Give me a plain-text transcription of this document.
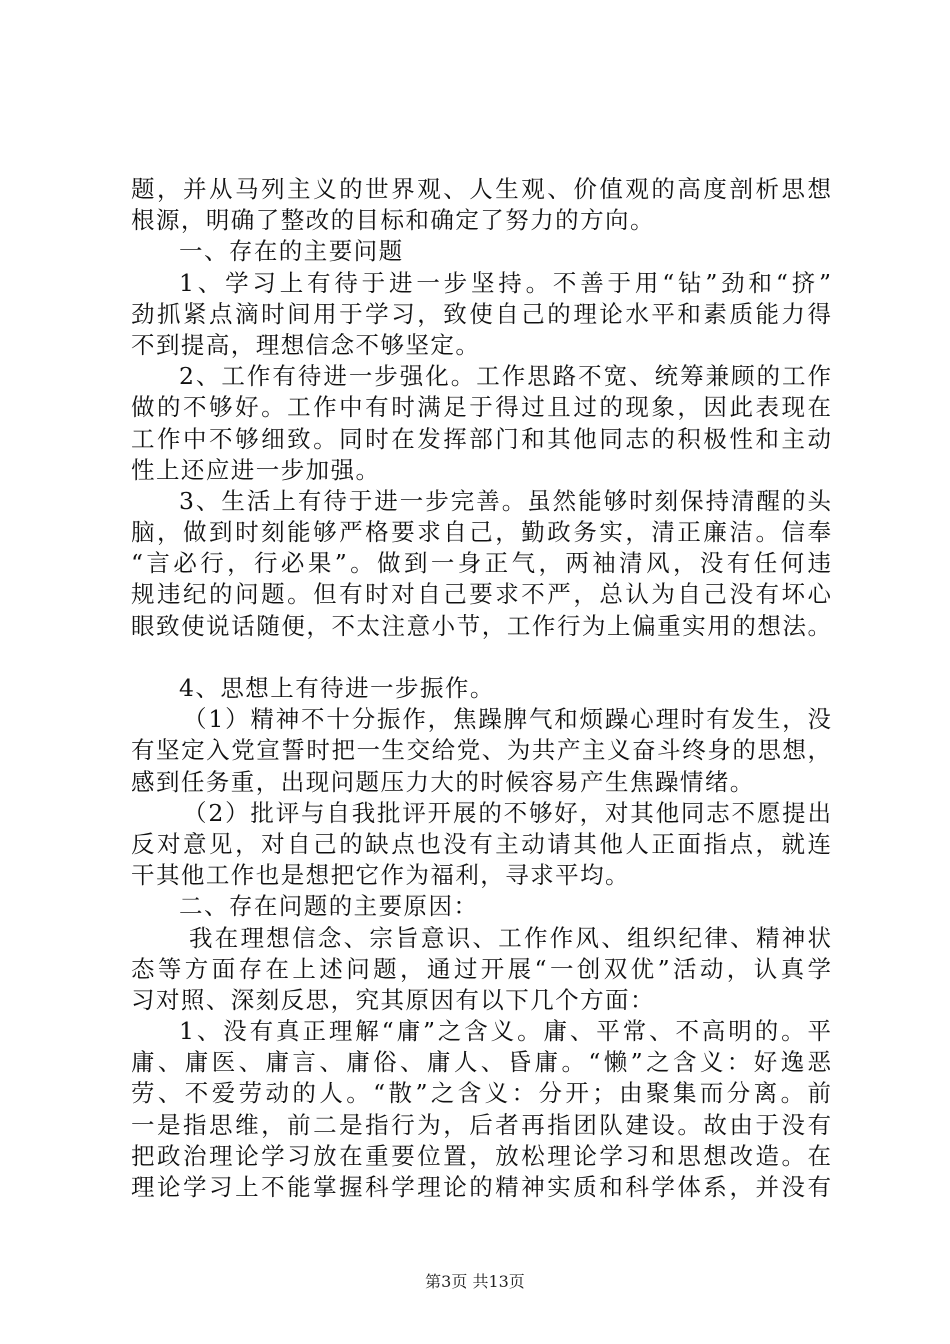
题，并从马列主义的世界观、人生观、价值观的高度剖析思想
根源，明确了整改的目标和确定了努力的方向。
一、存在的主要问题
1、学习上有待于进一步坚持。不善于用“钻”劲和“挤”
劲抓紧点滴时间用于学习，致使自己的理论水平和素质能力得
不到提高，理想信念不够坚定。
2、工作有待进一步强化。工作思路不宽、统筹兼顾的工作
做的不够好。工作中有时满足于得过且过的现象，因此表现在
工作中不够细致。同时在发挥部门和其他同志的积极性和主动
性上还应进一步加强。
3、生活上有待于进一步完善。虽然能够时刻保持清醒的头
脑，做到时刻能够严格要求自己，勤政务实，清正廉洁。信奉
“言必行，行必果”。做到一身正气，两袖清风，没有任何违
规违纪的问题。但有时对自己要求不严，总认为自己没有坏心
眼致使说话随便，不太注意小节，工作行为上偏重实用的想法。
4、思想上有待进一步振作。
（1）精神不十分振作，焦躁脾气和烦躁心理时有发生，没
有坚定入党宣誓时把一生交给党、为共产主义奋斗终身的思想，
感到任务重，出现问题压力大的时候容易产生焦躁情绪。
（2）批评与自我批评开展的不够好，对其他同志不愿提出
反对意见，对自己的缺点也没有主动请其他人正面指点，就连
干其他工作也是想把它作为福利，寻求平均。
二、存在问题的主要原因：
我在理想信念、宗旨意识、工作作风、组织纪律、精神状
态等方面存在上述问题，通过开展“一创双优”活动，认真学
习对照、深刻反思，究其原因有以下几个方面：
1、没有真正理解“庸”之含义。庸、平常、不高明的。平
庸、庸医、庸言、庸俗、庸人、昏庸。“懒”之含义：好逸恶
劳、不爱劳动的人。“散”之含义：分开；由聚集而分离。前
一是指思维，前二是指行为，后者再指团队建设。故由于没有
把政治理论学习放在重要位置，放松理论学习和思想改造。在
理论学习上不能掌握科学理论的精神实质和科学体系，并没有
第3页 共13页
